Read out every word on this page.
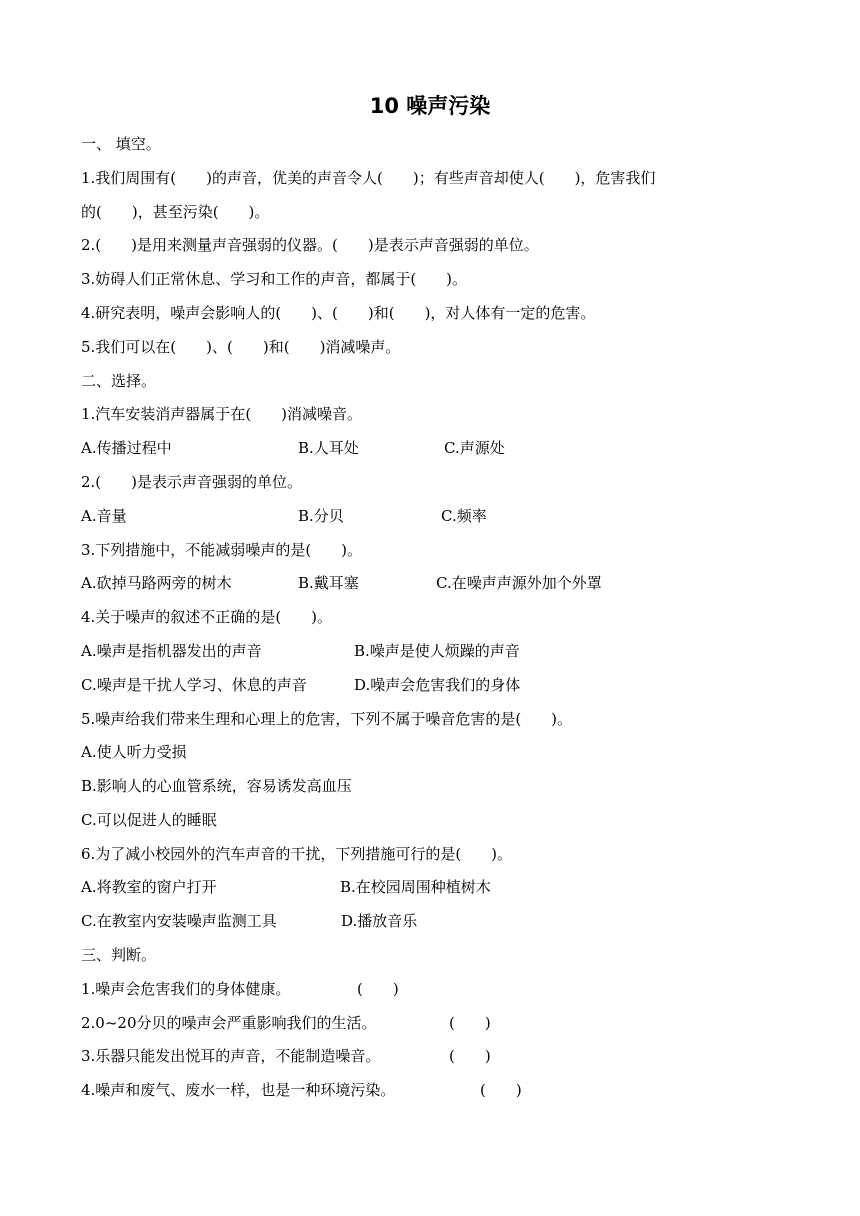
10 噪声污染
一、 填空。
1.我们周围有(　　)的声音，优美的声音令人(　　)；有些声音却使人(　　)，危害我们
的(　　)，甚至污染(　　)。
2.(　　)是用来测量声音强弱的仪器。(　　)是表示声音强弱的单位。
3.妨碍人们正常休息、学习和工作的声音，都属于(　　)。
4.研究表明，噪声会影响人的(　　)、(　　)和(　　)，对人体有一定的危害。
5.我们可以在(　　)、(　　)和(　　)消减噪声。
二、选择。
1.汽车安装消声器属于在(　　)消减噪音。
A.传播过程中	B.人耳处	C.声源处
2.(　　)是表示声音强弱的单位。
A.音量	B.分贝	C.频率
3.下列措施中，不能减弱噪声的是(　　)。
A.砍掉马路两旁的树木	B.戴耳塞	C.在噪声声源外加个外罩
4.关于噪声的叙述不正确的是(　　)。
A.噪声是指机器发出的声音	B.噪声是使人烦躁的声音
C.噪声是干扰人学习、休息的声音	D.噪声会危害我们的身体
5.噪声给我们带来生理和心理上的危害，下列不属于噪音危害的是(　　)。
A.使人听力受损
B.影响人的心血管系统，容易诱发高血压
C.可以促进人的睡眠
6.为了减小校园外的汽车声音的干扰，下列措施可行的是(　　)。
A.将教室的窗户打开	B.在校园周围种植树木
C.在教室内安装噪声监测工具	D.播放音乐
三、判断。
1.噪声会危害我们的身体健康。	(　　)
2.0~20分贝的噪声会严重影响我们的生活。	(　　)
3.乐器只能发出悦耳的声音，不能制造噪音。	(　　)
4.噪声和废气、废水一样，也是一种环境污染。	(　　)
